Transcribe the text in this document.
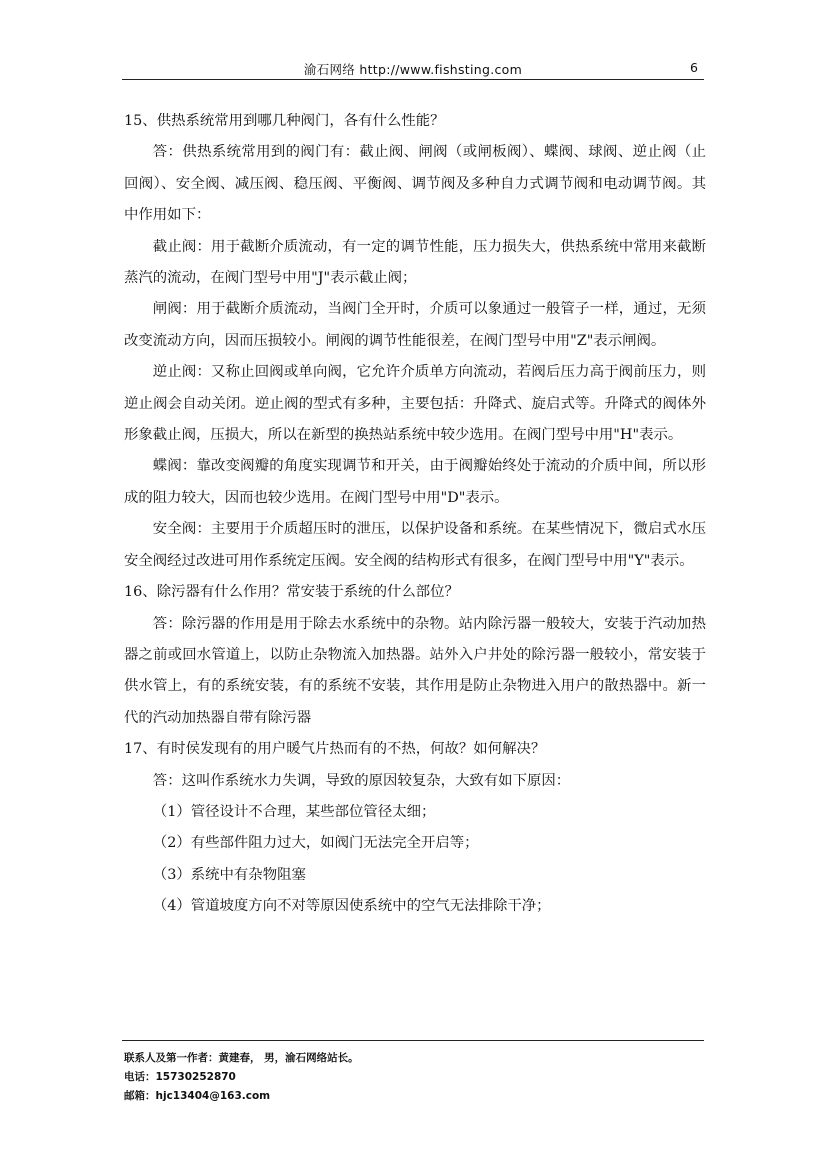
渝石网络 http://www.fishsting.com	6

15、供热系统常用到哪几种阀门，各有什么性能？

答：供热系统常用到的阀门有：截止阀、闸阀（或闸板阀）、蝶阀、球阀、逆止阀（止回阀）、安全阀、减压阀、稳压阀、平衡阀、调节阀及多种自力式调节阀和电动调节阀。其中作用如下：

截止阀：用于截断介质流动，有一定的调节性能，压力损失大，供热系统中常用来截断蒸汽的流动，在阀门型号中用"J"表示截止阀；

闸阀：用于截断介质流动，当阀门全开时，介质可以象通过一般管子一样，通过，无须改变流动方向，因而压损较小。闸阀的调节性能很差，在阀门型号中用"Z"表示闸阀。

逆止阀：又称止回阀或单向阀，它允许介质单方向流动，若阀后压力高于阀前压力，则逆止阀会自动关闭。逆止阀的型式有多种，主要包括：升降式、旋启式等。升降式的阀体外形象截止阀，压损大，所以在新型的换热站系统中较少选用。在阀门型号中用"H"表示。

蝶阀：靠改变阀瓣的角度实现调节和开关，由于阀瓣始终处于流动的介质中间，所以形成的阻力较大，因而也较少选用。在阀门型号中用"D"表示。

安全阀：主要用于介质超压时的泄压，以保护设备和系统。在某些情况下，微启式水压安全阀经过改进可用作系统定压阀。安全阀的结构形式有很多，在阀门型号中用"Y"表示。

16、除污器有什么作用？常安装于系统的什么部位？

答：除污器的作用是用于除去水系统中的杂物。站内除污器一般较大，安装于汽动加热器之前或回水管道上，以防止杂物流入加热器。站外入户井处的除污器一般较小，常安装于供水管上，有的系统安装，有的系统不安装，其作用是防止杂物进入用户的散热器中。新一代的汽动加热器自带有除污器

17、有时侯发现有的用户暖气片热而有的不热，何故？如何解决？

答：这叫作系统水力失调，导致的原因较复杂，大致有如下原因：

（1）管径设计不合理，某些部位管径太细；

（2）有些部件阻力过大，如阀门无法完全开启等；

（3）系统中有杂物阻塞

（4）管道坡度方向不对等原因使系统中的空气无法排除干净；

联系人及第一作者：黄建春， 男，渝石网络站长。
电话：15730252870
邮箱：hjc13404@163.com
